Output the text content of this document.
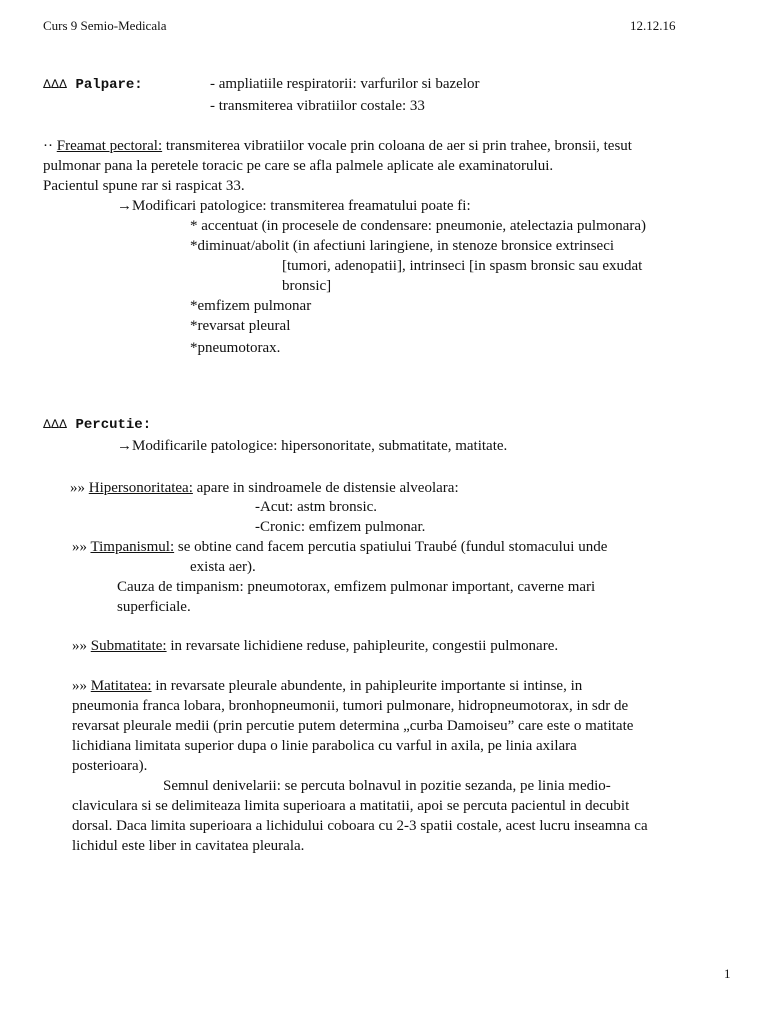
Curs 9 Semio-Medicala	12.12.16
∆∆∆ Palpare:	- ampliatiile respiratorii: varfurilor si bazelor
- transmiterea vibratiilor costale: 33
·· Freamat pectoral: transmiterea vibratiilor vocale prin coloana de aer si prin trahee, bronsii, tesut
pulmonar pana la peretele toracic pe care se afla palmele aplicate ale examinatorului.
Pacientul spune rar si raspicat 33.
→Modificari patologice: transmiterea freamatului poate fi:
* accentuat (in procesele de condensare: pneumonie, atelectazia pulmonara)
*diminuat/abolit (in afectiuni laringiene, in stenoze bronsice extrinseci
[tumori, adenopatii], intrinseci [in spasm bronsic sau exudat
bronsic]
*emfizem pulmonar
*revarsat pleural
*pneumotorax.
∆∆∆ Percutie:
→Modificarile patologice: hipersonoritate, submatitate, matitate.
»» Hipersonoritatea: apare in sindroamele de distensie alveolara:
-Acut: astm bronsic.
-Cronic: emfizem pulmonar.
»» Timpanismul: se obtine cand facem percutia spatiului Traubé (fundul stomacului unde
exista aer).
Cauza de timpanism: pneumotorax, emfizem pulmonar important, caverne mari
superficiale.
»» Submatitate: in revarsate lichidiene reduse, pahipleurite, congestii pulmonare.
»» Matitatea: in revarsate pleurale abundente, in pahipleurite importante si intinse, in
pneumonia franca lobara, bronhopneumonii, tumori pulmonare, hidropneumotorax, in sdr de
revarsat pleurale medii (prin percutie putem determina „curba Damoiseu” care este o matitate
lichidiana limitata superior dupa o linie parabolica cu varful in axila, pe linia axilara
posterioara).
Semnul denivelarii: se percuta bolnavul in pozitie sezanda, pe linia medio-
claviculara si se delimiteaza limita superioara a matitatii, apoi se percuta pacientul in decubit
dorsal. Daca limita superioara a lichidului coboara cu 2-3 spatii costale, acest lucru inseamna ca
lichidul este liber in cavitatea pleurala.
1
